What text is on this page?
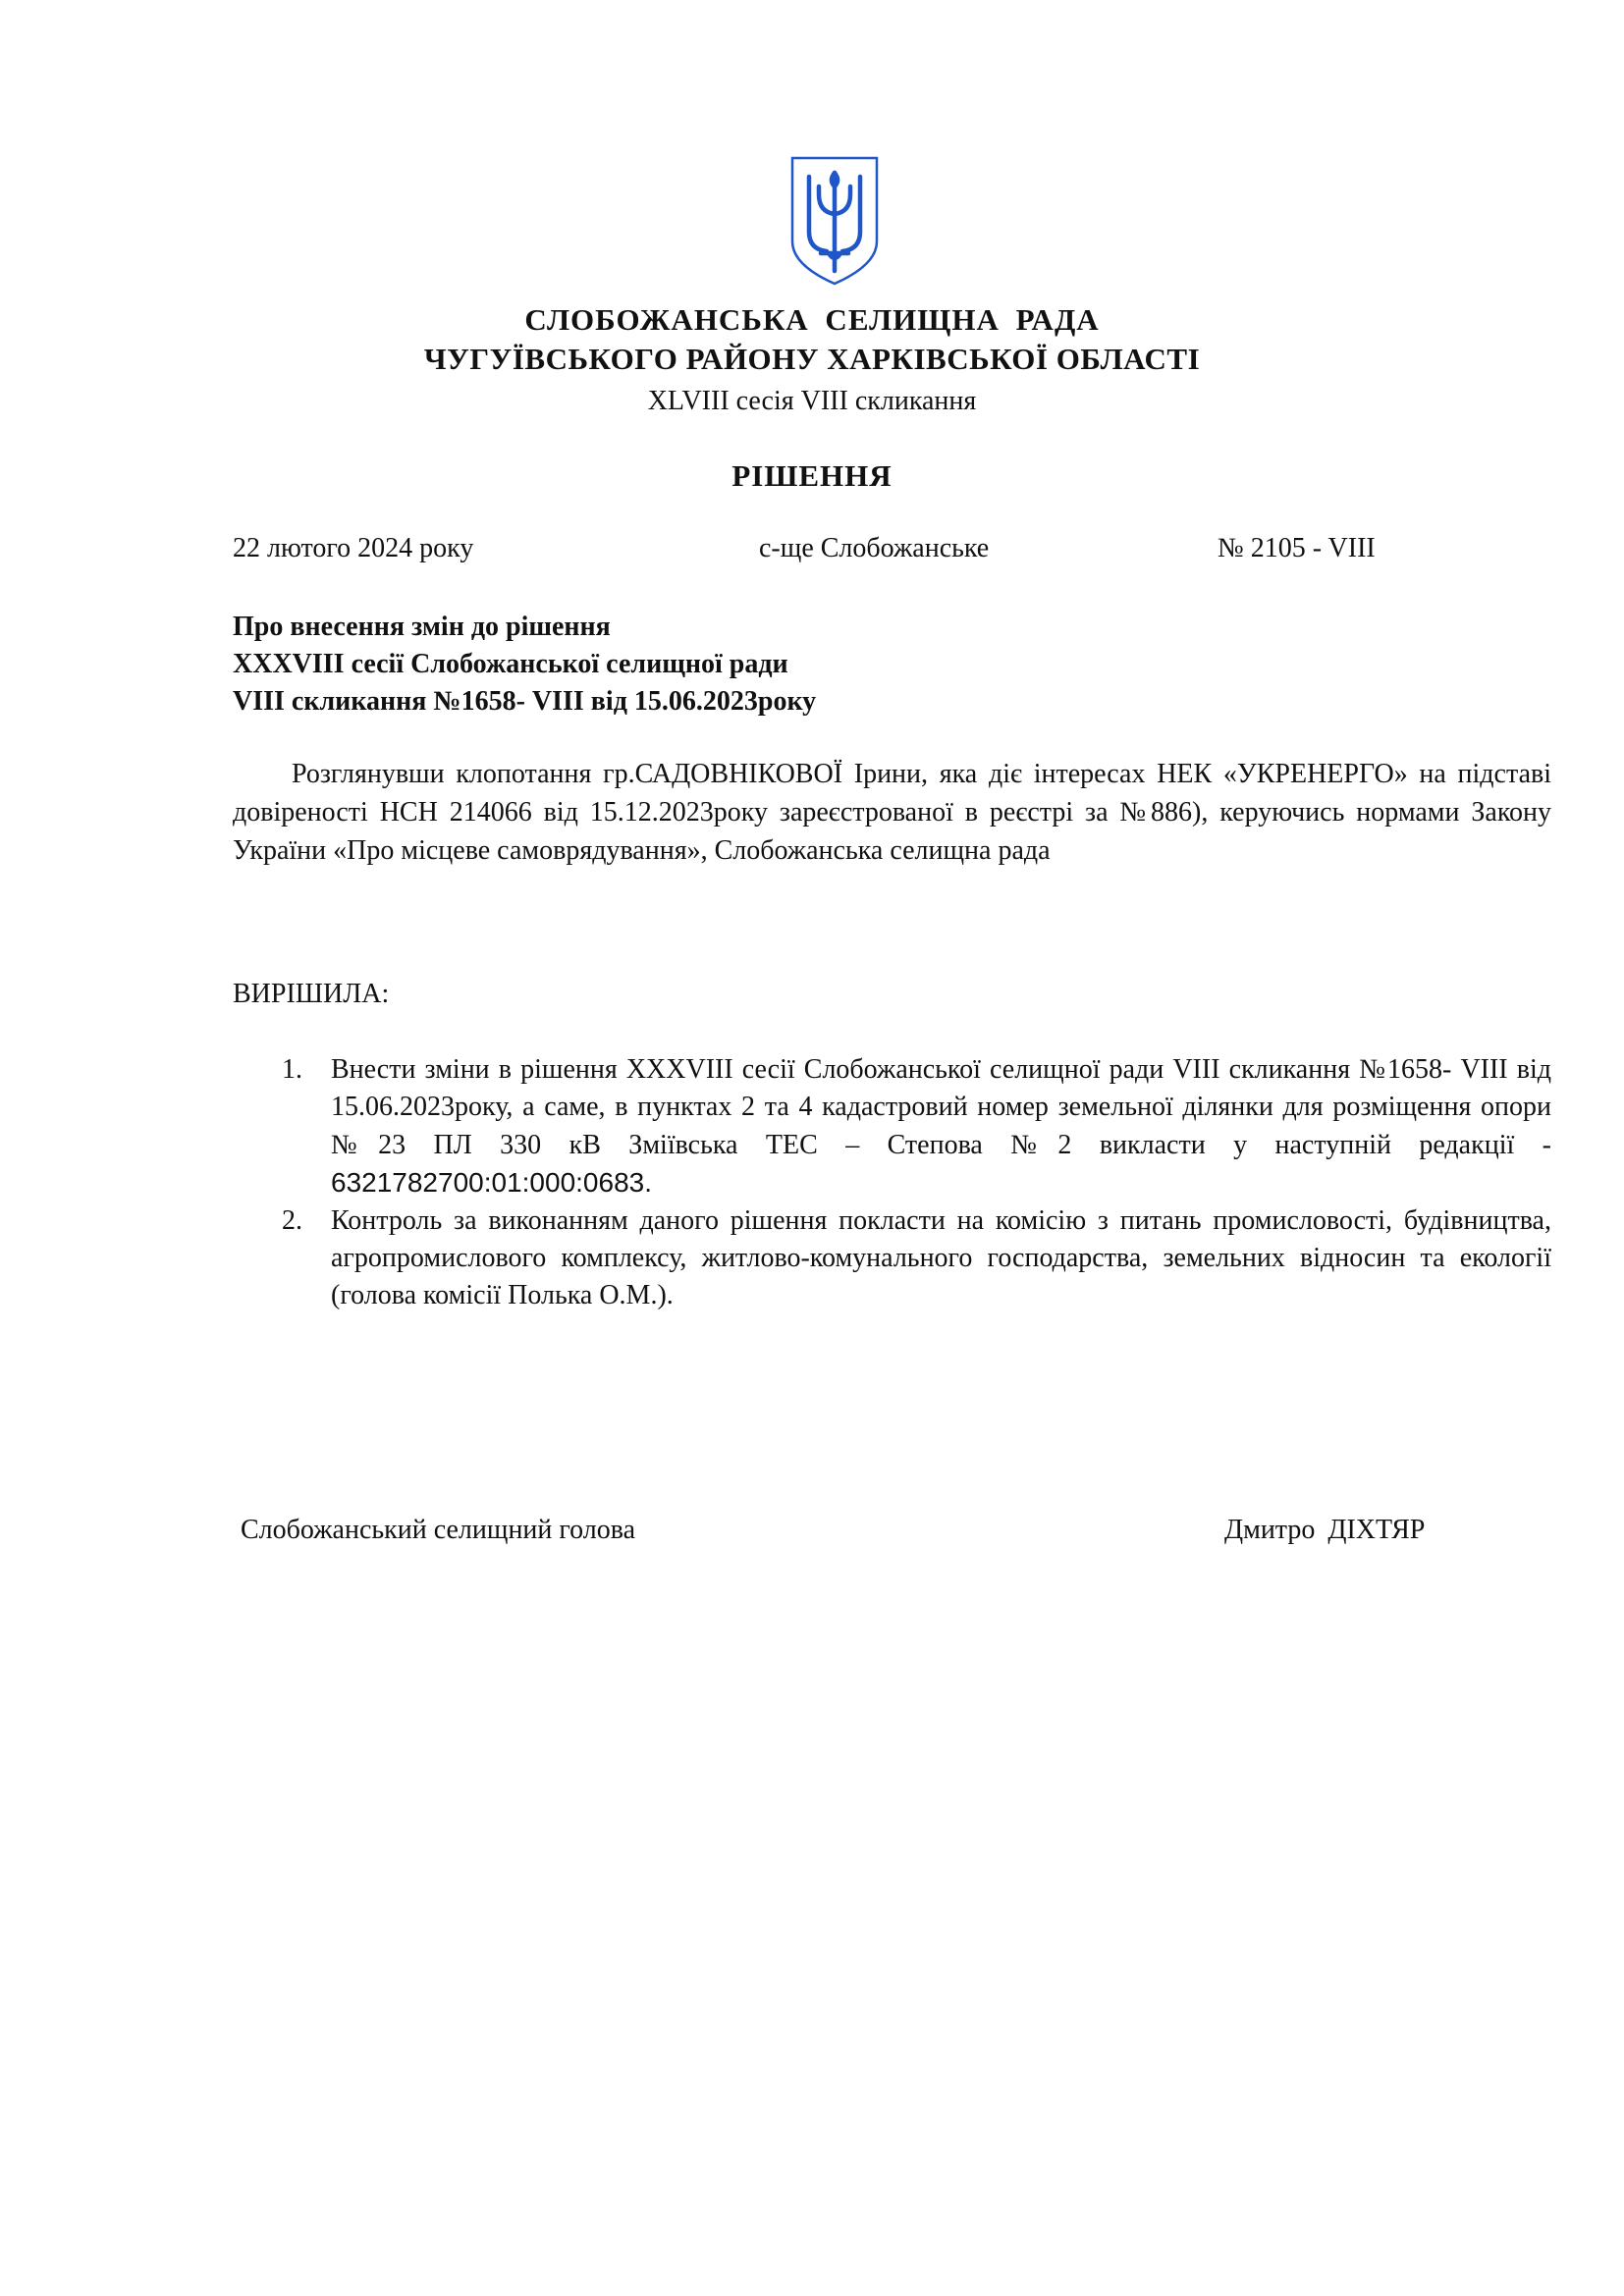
СЛОБОЖАНСЬКА СЕЛИЩНА РАДА
ЧУГУЇВСЬКОГО РАЙОНУ ХАРКІВСЬКОЇ ОБЛАСТІ
XLVIII сесія VIII скликання
РІШЕННЯ
22 лютого 2024 року	с-ще Слобожанське	№ 2105 - VIII
Про внесення змін до рішення
XXXVIII сесії Слобожанської селищної ради
VIII скликання №1658- VIII від 15.06.2023року
Розглянувши клопотання гр.САДОВНІКОВОЇ Ірини, яка діє інтересах НЕК «УКРЕНЕРГО» на підставі довіреності НСН 214066 від 15.12.2023року зареєстрованої в реєстрі за №886), керуючись нормами Закону України «Про місцеве самоврядування», Слобожанська селищна рада
ВИРІШИЛА:
1. Внести зміни в рішення XXXVIII сесії Слобожанської селищної ради VIII скликання №1658- VIII від 15.06.2023року, а саме, в пунктах 2 та 4 кадастровий номер земельної ділянки для розміщення опори №23 ПЛ 330 кВ Зміївська ТЕС – Степова №2 викласти у наступній редакції - 6321782700:01:000:0683.
2. Контроль за виконанням даного рішення покласти на комісію з питань промисловості, будівництва, агропромислового комплексу, житлово-комунального господарства, земельних відносин та екології (голова комісії Полька О.М.).
Слобожанський селищний голова	Дмитро ДІХТЯР
